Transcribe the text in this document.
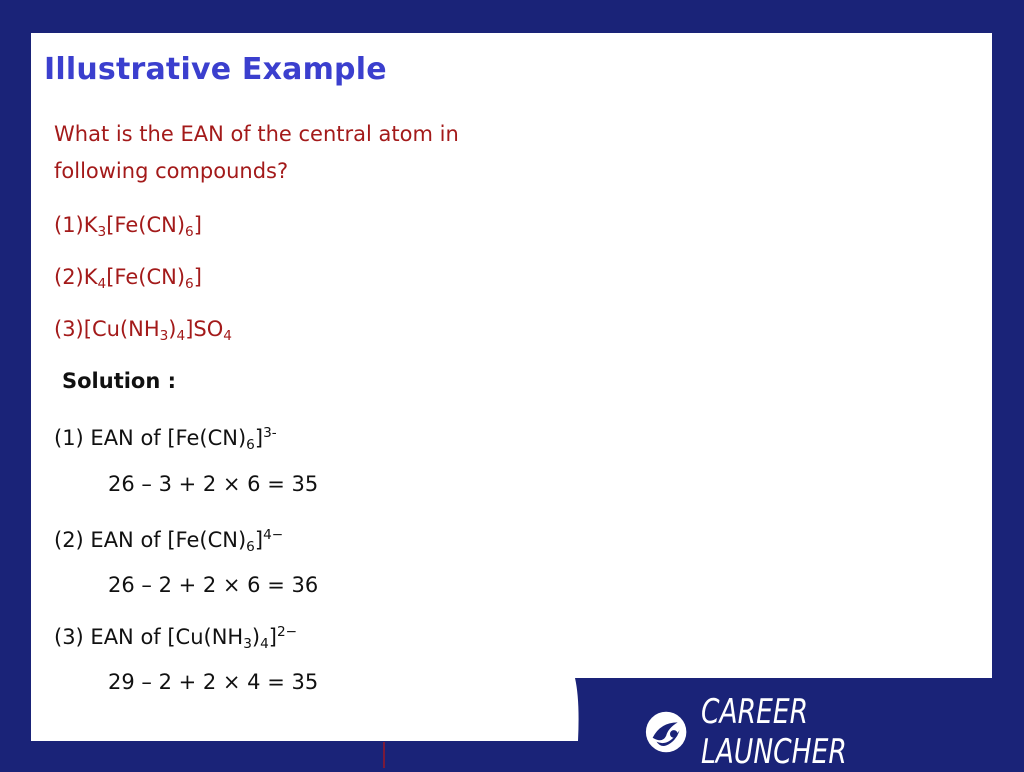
Illustrative Example
What is the EAN of the central atom in
following compounds?
$(1)K_3[Fe(CN)_6]$
$(2)K_4[Fe(CN)_6]$
$(3)[Cu(NH_3)_4]SO_4$
Solution :
(1) EAN of $[Fe(CN)_6]^{3-}$
26 – 3 + 2 × 6 = 35
(2) EAN of $[Fe(CN)_6]^{4-}$
26 – 2 + 2 × 6 = 36
(3) EAN of $[Cu(NH_3)_4]^{2-}$
29 – 2 + 2 × 4 = 35
CAREER LAUNCHER
